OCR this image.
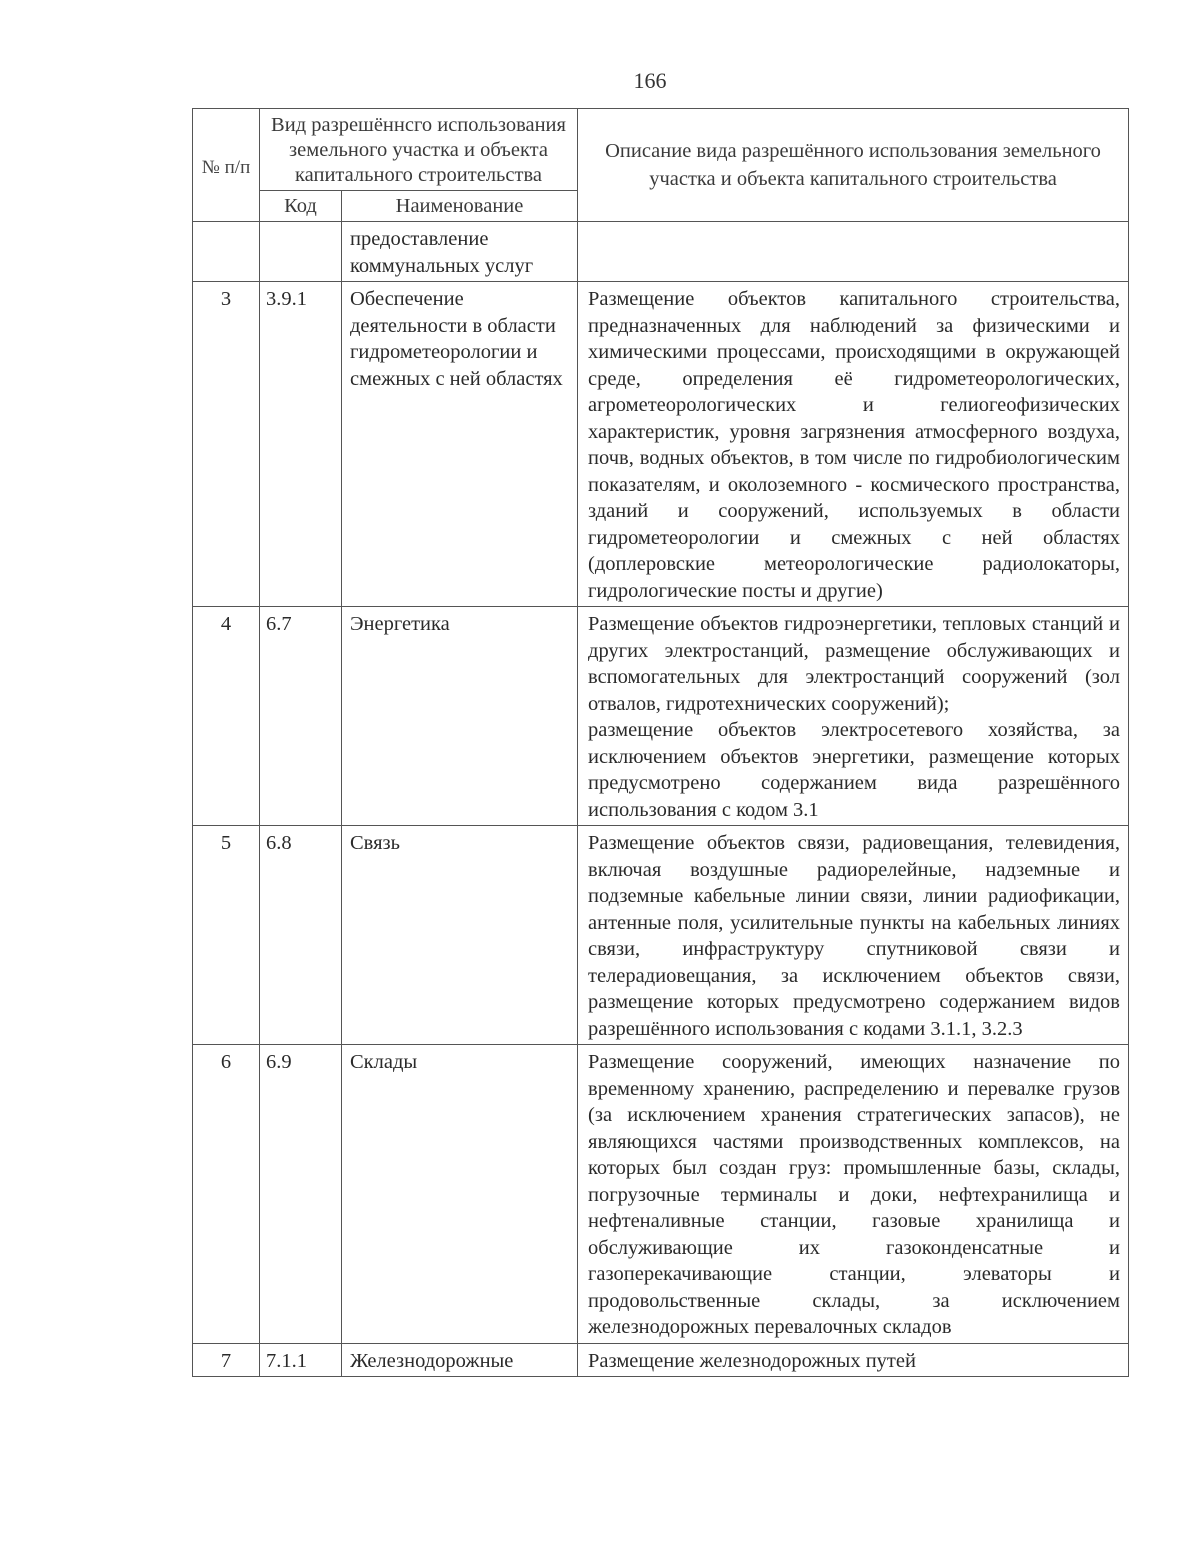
166
№ п/п	Вид разрешённсго использования земельного участка и объекта капитального строительства		Описание вида разрешённого использования земельного участка и объекта капитального строительства
	Код	Наименование	
		предоставление коммунальных услуг	
3	3.9.1	Обеспечение деятельности в области гидрометеорологии и смежных с ней областях	Размещение объектов капитального строительства, предназначенных для наблюдений за физическими и химическими процессами, происходящими в окружающей среде, определения её гидрометеорологических, агрометеорологических и гелиогеофизических характеристик, уровня загрязнения атмосферного воздуха, почв, водных объектов, в том числе по гидробиологическим показателям, и околоземного - космического пространства, зданий и сооружений, используемых в области гидрометеорологии и смежных с ней областях (доплеровские метеорологические радиолокаторы, гидрологические посты и другие)

4	6.7	Энергетика	Размещение объектов гидроэнергетики, тепловых станций и других электростанций, размещение обслуживающих и вспомогательных для электростанций сооружений (зол отвалов, гидротехнических сооружений);

размещение объектов электросетевого хозяйства, за исключением объектов энергетики, размещение которых предусмотрено содержанием вида разрешённого использования с кодом 3.1

5	6.8	Связь	Размещение объектов связи, радиовещания, телевидения, включая воздушные радиорелейные, надземные и подземные кабельные линии связи, линии радиофикации, антенные поля, усилительные пункты на кабельных линиях связи, инфраструктуру спутниковой связи и телерадиовещания, за исключением объектов связи, размещение которых предусмотрено содержанием видов разрешённого использования с кодами 3.1.1, 3.2.3

6	6.9	Склады	Размещение сооружений, имеющих назначение по временному хранению, распределению и перевалке грузов (за исключением хранения стратегических запасов), не являющихся частями производственных комплексов, на которых был создан груз: промышленные базы, склады, погрузочные терминалы и доки, нефтехранилища и нефтеналивные станции, газовые хранилища и обслуживающие их газоконденсатные и газоперекачивающие станции, элеваторы и продовольственные склады, за исключением железнодорожных перевалочных складов

7	7.1.1	Железнодорожные	Размещение железнодорожных путей
